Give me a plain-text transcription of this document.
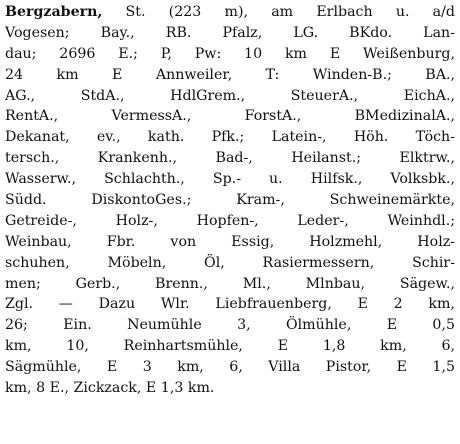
Bergzabern, St. (223 m), am Erlbach u. a/d
Vogesen; Bay., RB. Pfalz, LG. BKdo. Lan-
dau; 2696 E.; P, Pw: 10 km E Weißenburg,
24 km E Annweiler, T: Winden-B.; BA.,
AG., StdA., HdlGrem., SteuerA., EichA.,
RentA., VermessA., ForstA., BMedizinalA.,
Dekanat, ev., kath. Pfk.; Latein-, Höh. Töch-
tersch., Krankenh., Bad-, Heilanst.; Elktrw.,
Wasserw., Schlachth., Sp.- u. Hilfsk., Volksbk.,
Südd. DiskontoGes.; Kram-, Schweinemärkte,
Getreide-, Holz-, Hopfen-, Leder-, Weinhdl.;
Weinbau, Fbr. von Essig, Holzmehl, Holz-
schuhen, Möbeln, Öl, Rasiermessern, Schir-
men; Gerb., Brenn., Ml., Mlnbau, Sägew.,
Zgl. — Dazu Wlr. Liebfrauenberg, E 2 km,
26; Ein. Neumühle 3, Ölmühle, E 0,5
km, 10, Reinhartsmühle, E 1,8 km, 6,
Sägmühle, E 3 km, 6, Villa Pistor, E 1,5
km, 8 E., Zickzack, E 1,3 km.
